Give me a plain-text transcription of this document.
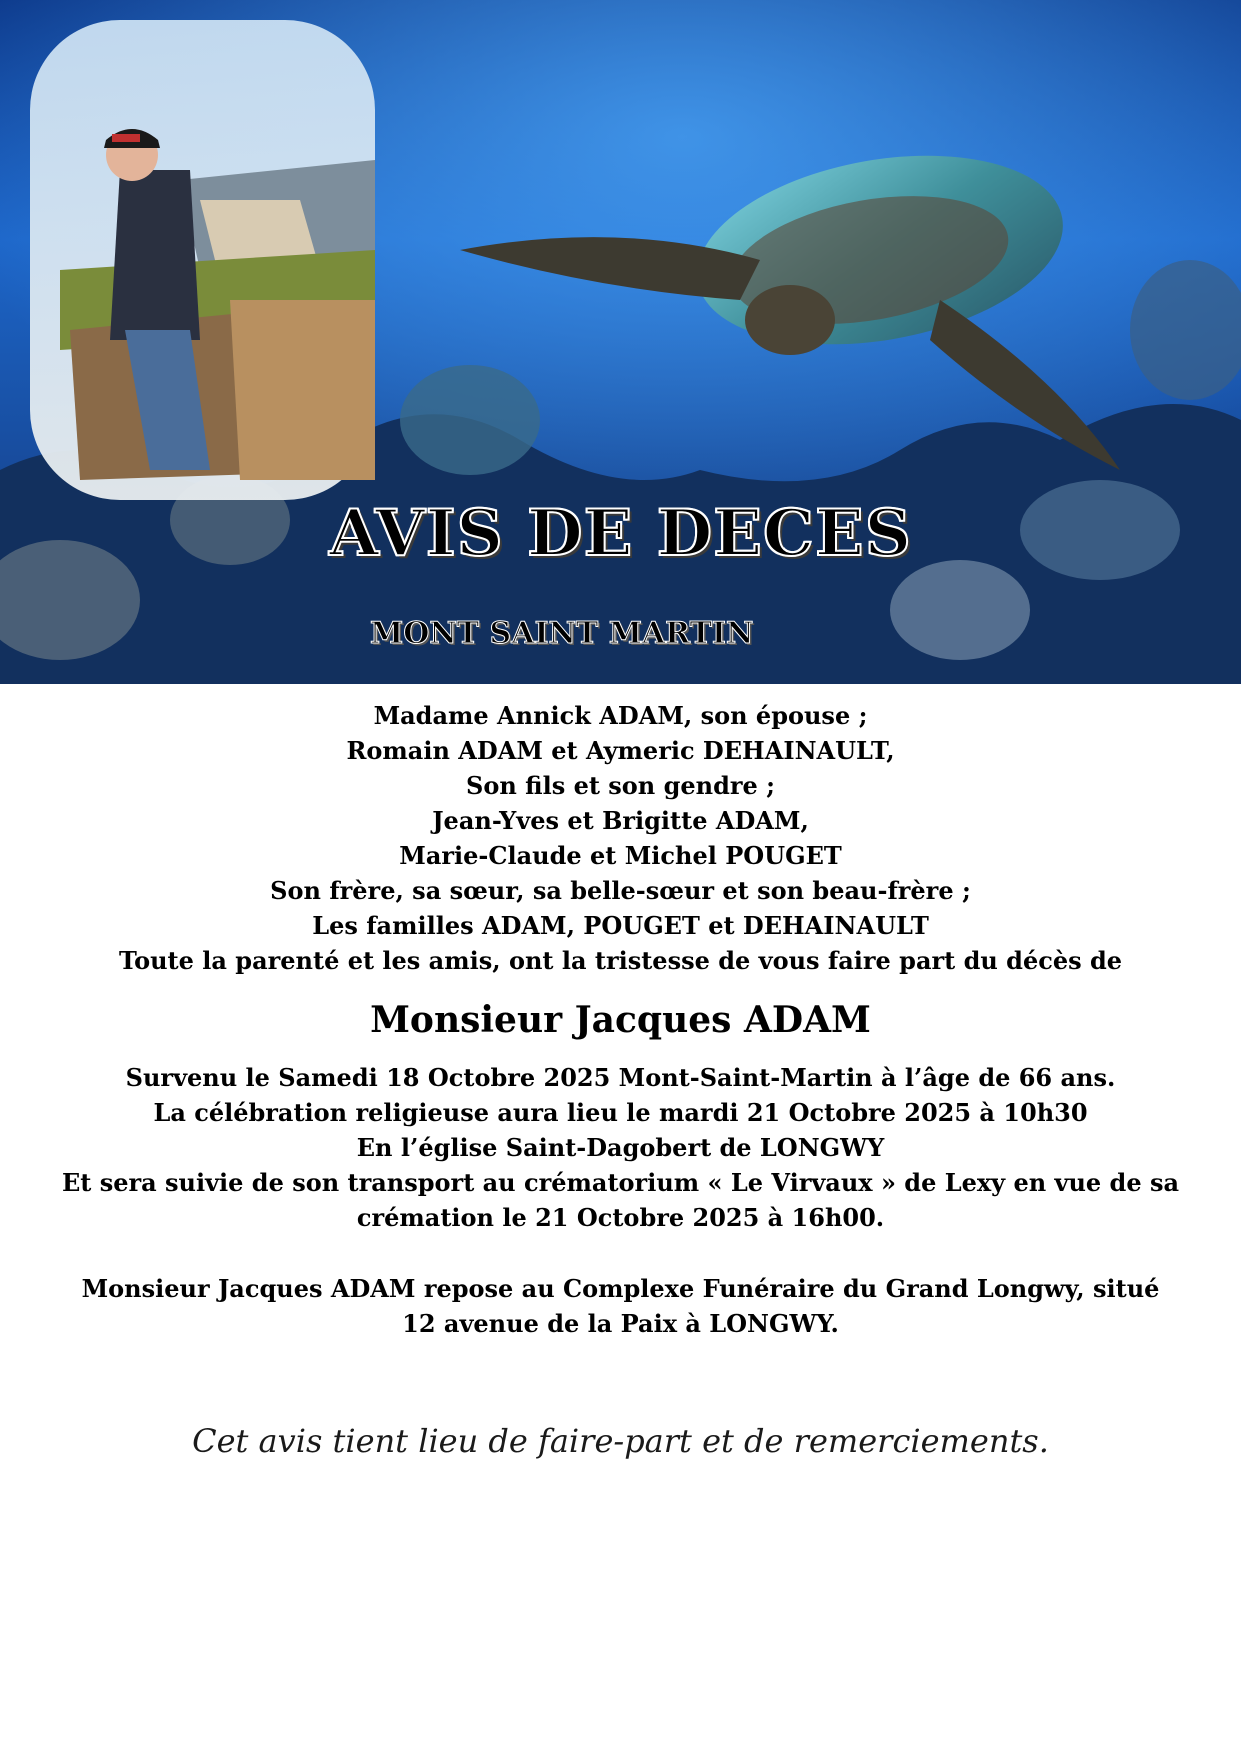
AVIS DE DECES
MONT SAINT MARTIN
Madame Annick ADAM, son épouse ;
Romain ADAM et Aymeric DEHAINAULT,
Son fils et son gendre ;
Jean-Yves et Brigitte ADAM,
Marie-Claude et Michel POUGET
Son frère, sa sœur, sa belle-sœur et son beau-frère ;
Les familles ADAM, POUGET et DEHAINAULT
Toute la parenté et les amis, ont la tristesse de vous faire part du décès de
Monsieur Jacques ADAM
Survenu le Samedi 18 Octobre 2025 Mont-Saint-Martin à l’âge de 66 ans.
La célébration religieuse aura lieu le mardi 21 Octobre 2025 à 10h30
En l’église Saint-Dagobert de LONGWY
Et sera suivie de son transport au crématorium « Le Virvaux » de Lexy en vue de sa
crémation le 21 Octobre 2025 à 16h00.
Monsieur Jacques ADAM repose au Complexe Funéraire du Grand Longwy, situé
12 avenue de la Paix à LONGWY.
Cet avis tient lieu de faire-part et de remerciements.
